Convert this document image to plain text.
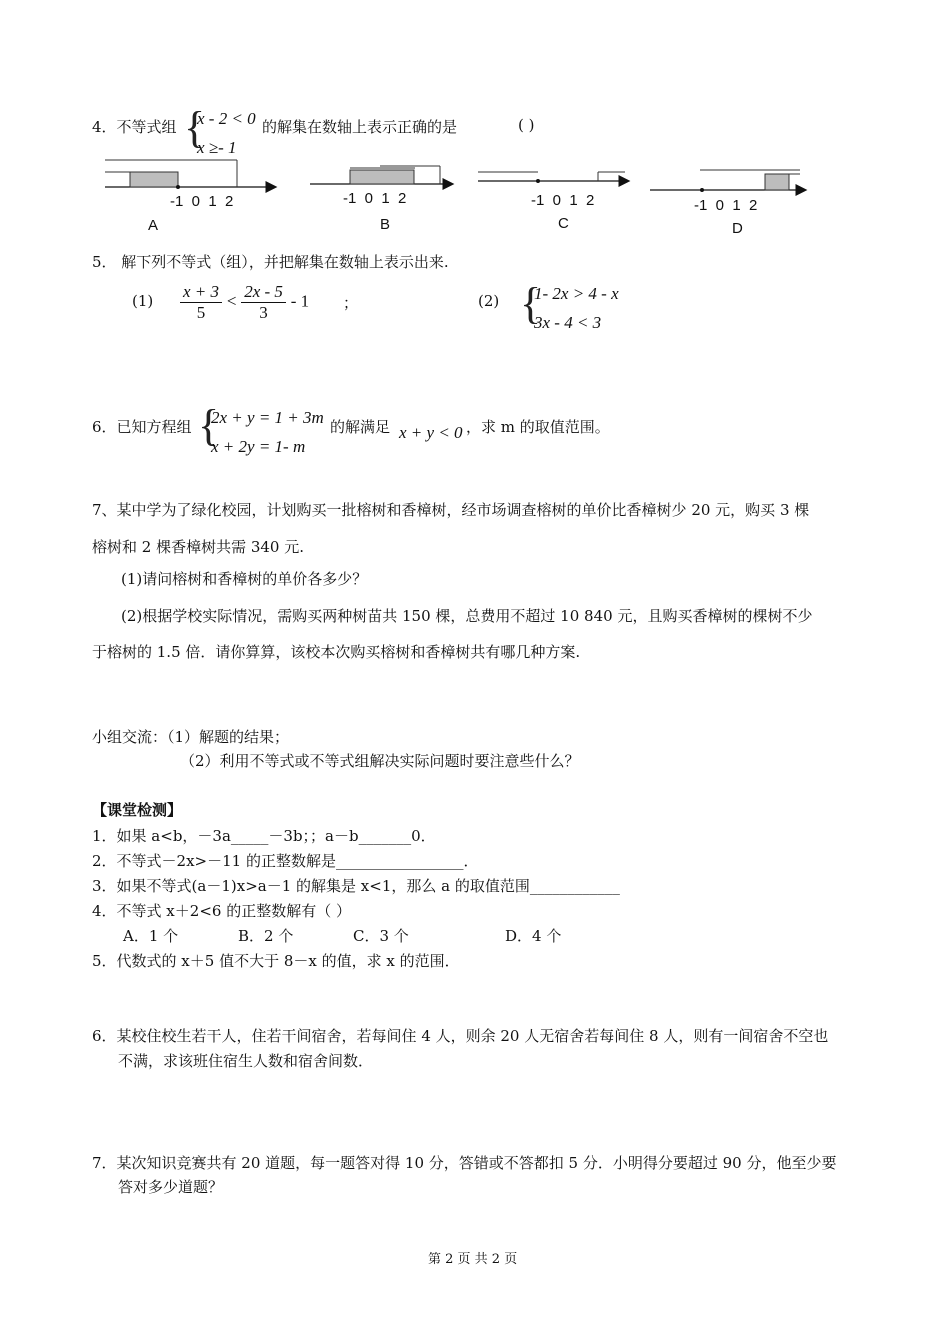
4．不等式组 {
x - 2 < 0
x ≥- 1
的解集在数轴上表示正确的是	( )
-1  0  1  2	-1  0  1  2	-1  0  1  2	-1  0  1  2
A	B	C	D
5． 解下列不等式（组），并把解集在数轴上表示出来.
$(1) \frac{x + 3}{5} < \frac{2x - 5}{3} - 1$ ；	(2) {
1- 2x > 4 - x
3x - 4 < 3
6．已知方程组 {
2x + y = 1 + 3m
x + 2y = 1- m
的解满足 x + y < 0 ，求 m 的取值范围。
7、某中学为了绿化校园，计划购买一批榕树和香樟树，经市场调查榕树的单价比香樟树少 20 元，购买 3 棵
榕树和 2 棵香樟树共需 340 元.
(1)请问榕树和香樟树的单价各多少？
(2)根据学校实际情况，需购买两种树苗共 150 棵，总费用不超过 10 840 元，且购买香樟树的棵树不少
于榕树的 1.5 倍．请你算算，该校本次购买榕树和香樟树共有哪几种方案.
小组交流：（1）解题的结果；
（2）利用不等式或不等式组解决实际问题时要注意些什么？
【课堂检测】
1．如果 a<b，－3a_____－3b；；a－b_______0．
2．不等式－2x>－11 的正整数解是_________________．
3．如果不等式(a－1)x>a－1 的解集是 x<1，那么 a 的取值范围____________
4．不等式 x＋2<6 的正整数解有（ ）
A．1 个	B．2 个	C．3 个	D．4 个
5．代数式的 x＋5 值不大于 8－x 的值，求 x 的范围．
6．某校住校生若干人，住若干间宿舍，若每间住 4 人，则余 20 人无宿舍若每间住 8 人，则有一间宿舍不空也
不满，求该班住宿生人数和宿舍间数．
7．某次知识竞赛共有 20 道题，每一题答对得 10 分，答错或不答都扣 5 分．小明得分要超过 90 分，他至少要
答对多少道题？
第 2 页 共 2 页
